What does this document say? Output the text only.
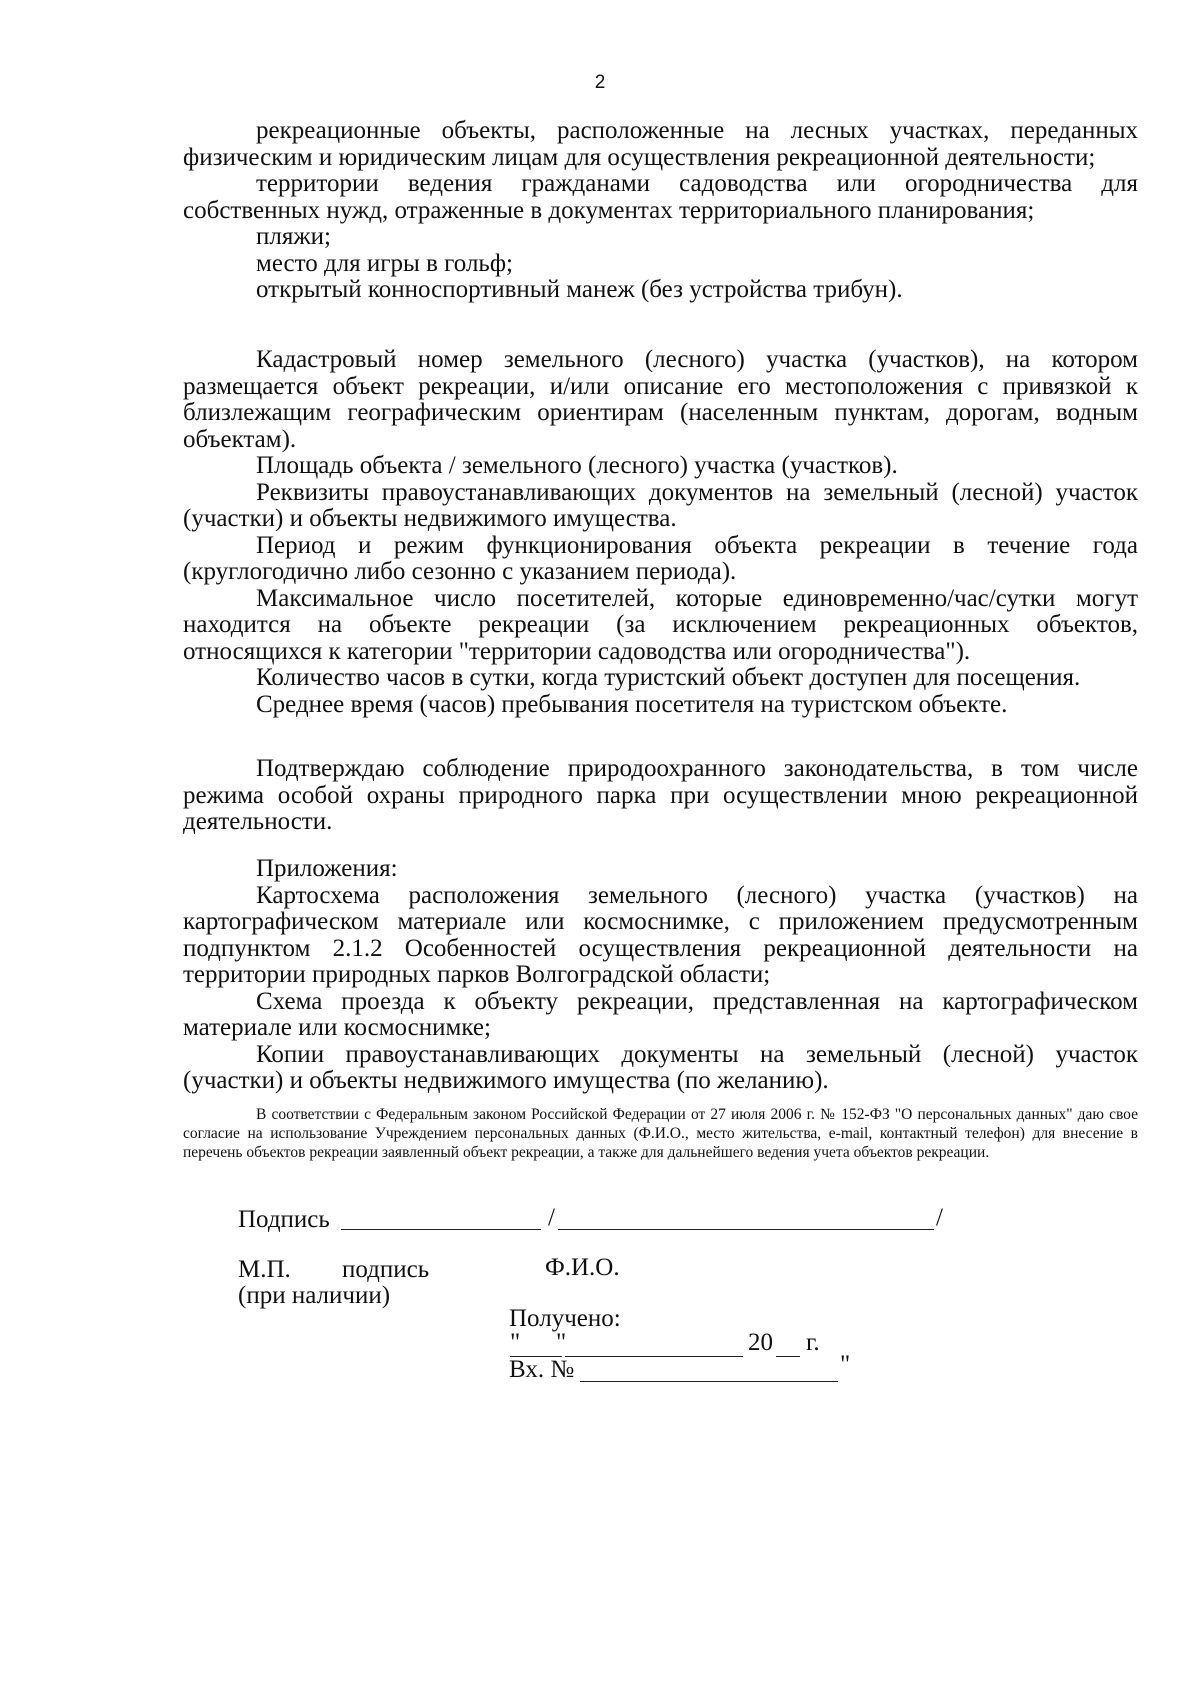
2

рекреационные объекты, расположенные на лесных участках, переданных физическим и юридическим лицам для осуществления рекреационной деятельности;

территории ведения гражданами садоводства или огородничества для собственных нужд, отраженные в документах территориального планирования;

пляжи;

место для игры в гольф;

открытый конноспортивный манеж (без устройства трибун).

Кадастровый номер земельного (лесного) участка (участков), на котором размещается объект рекреации, и/или описание его местоположения с привязкой к близлежащим географическим ориентирам (населенным пунктам, дорогам, водным объектам).

Площадь объекта / земельного (лесного) участка (участков).

Реквизиты правоустанавливающих документов на земельный (лесной) участок (участки) и объекты недвижимого имущества.

Период и режим функционирования объекта рекреации в течение года (круглогодично либо сезонно с указанием периода).

Максимальное число посетителей, которые единовременно/час/сутки могут находится на объекте рекреации (за исключением рекреационных объектов, относящихся к категории "территории садоводства или огородничества").

Количество часов в сутки, когда туристский объект доступен для посещения.

Среднее время (часов) пребывания посетителя на туристском объекте.

Подтверждаю соблюдение природоохранного законодательства, в том числе режима особой охраны природного парка при осуществлении мною рекреационной деятельности.

Приложения:

Картосхема расположения земельного (лесного) участка (участков) на картографическом материале или космоснимке, с приложением предусмотренным подпунктом 2.1.2 Особенностей осуществления рекреационной деятельности на территории природных парков Волгоградской области;

Схема проезда к объекту рекреации, представленная на картографическом материале или космоснимке;

Копии правоустанавливающих документы на земельный (лесной) участок (участки) и объекты недвижимого имущества (по желанию).

В соответствии с Федеральным законом Российской Федерации от 27 июля 2006 г. № 152-ФЗ "О персональных данных" даю свое согласие на использование Учреждением персональных данных (Ф.И.О., место жительства, e-mail, контактный телефон) для внесение в перечень объектов рекреации заявленный объект рекреации, а также для дальнейшего ведения учета объектов рекреации.

Подпись	/	/
М.П. подпись	Ф.И.О.
(при наличии)
Получено:
" "	20 г.
Вх. №	"
